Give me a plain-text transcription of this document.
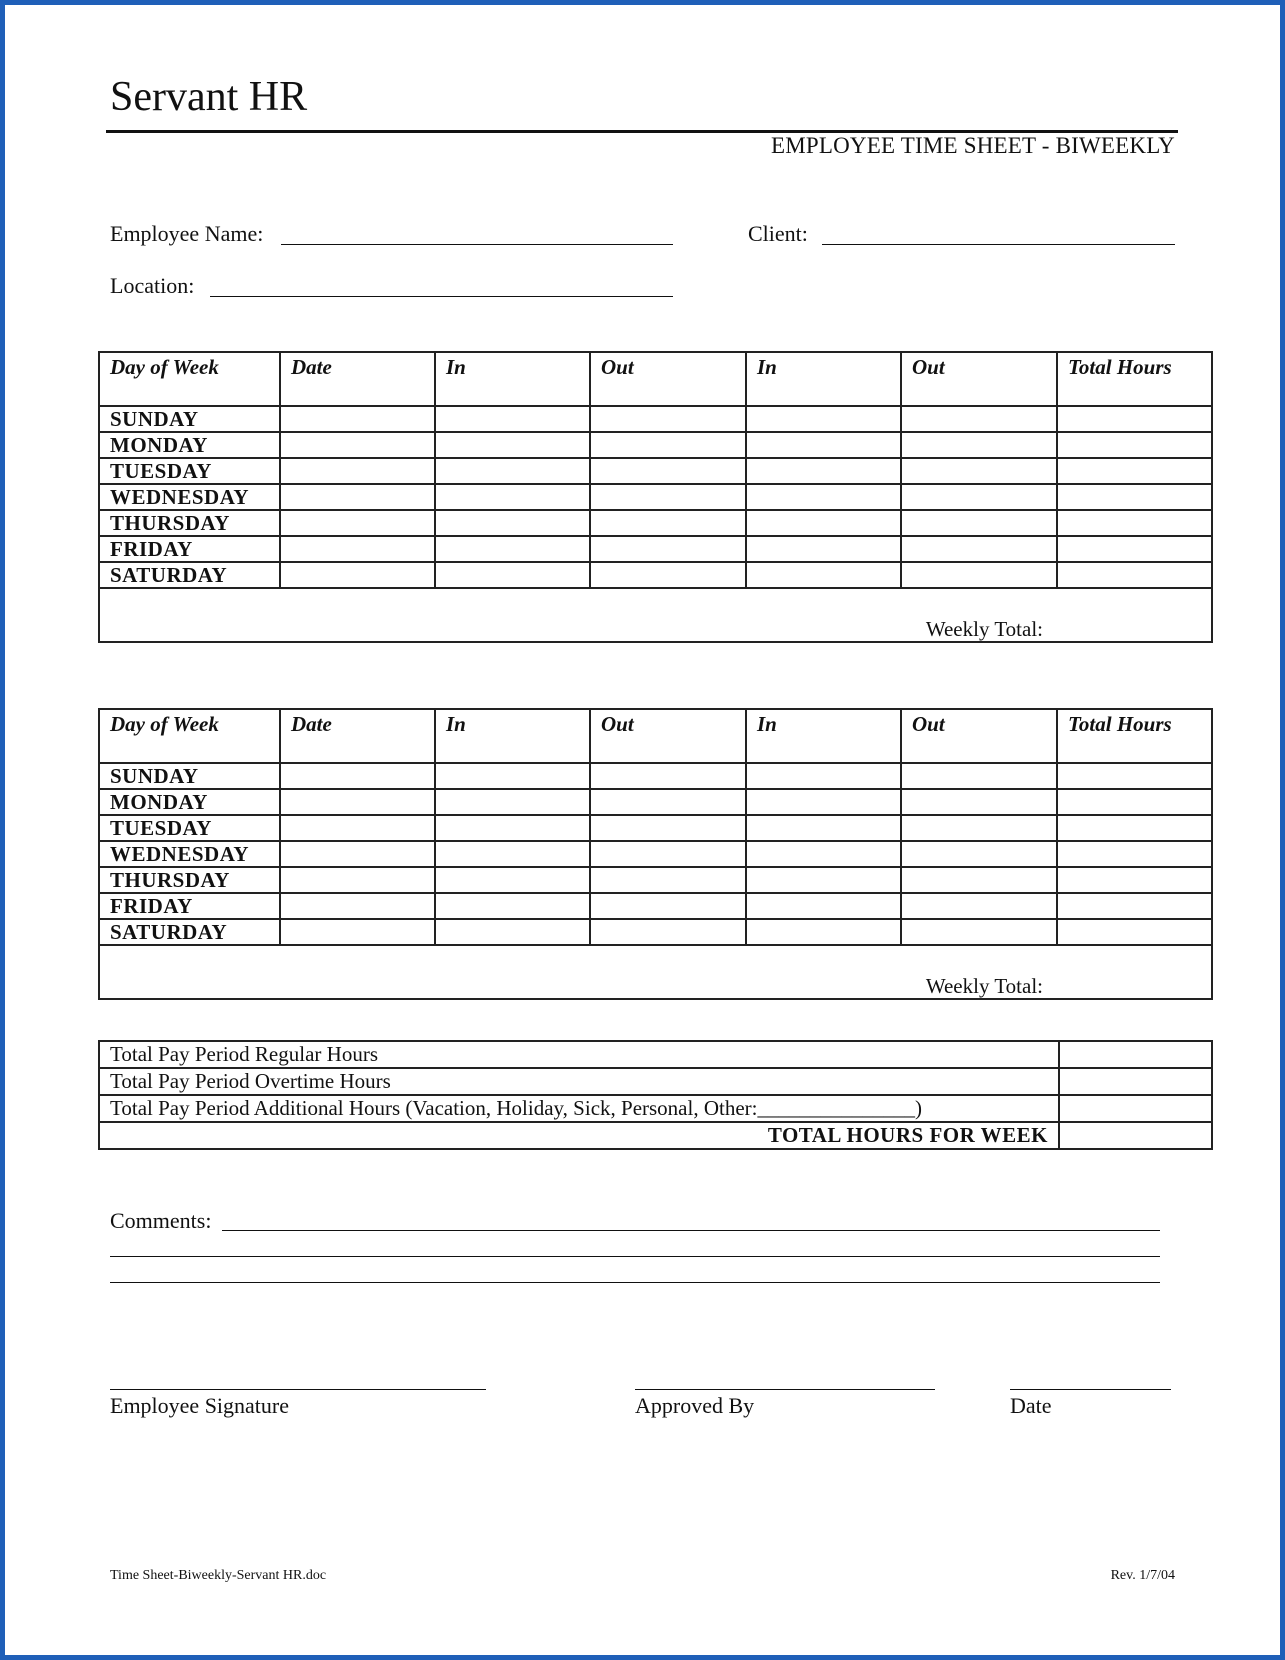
Servant HR
EMPLOYEE TIME SHEET - BIWEEKLY
Employee Name:	Client:
Location:
Day of Week	Date	In	Out	In	Out	Total Hours
SUNDAY						
MONDAY						
TUESDAY						
WEDNESDAY						
THURSDAY						
FRIDAY						
SATURDAY						
Weekly Total:						
Day of Week	Date	In	Out	In	Out	Total Hours
SUNDAY						
MONDAY						
TUESDAY						
WEDNESDAY						
THURSDAY						
FRIDAY						
SATURDAY						
Weekly Total:						
Total Pay Period Regular Hours	
Total Pay Period Overtime Hours	
Total Pay Period Additional Hours (Vacation, Holiday, Sick, Personal, Other:_______________)	
TOTAL HOURS FOR WEEK	
Comments:
Employee Signature	Approved By	Date
Time Sheet-Biweekly-Servant HR.doc	Rev. 1/7/04
